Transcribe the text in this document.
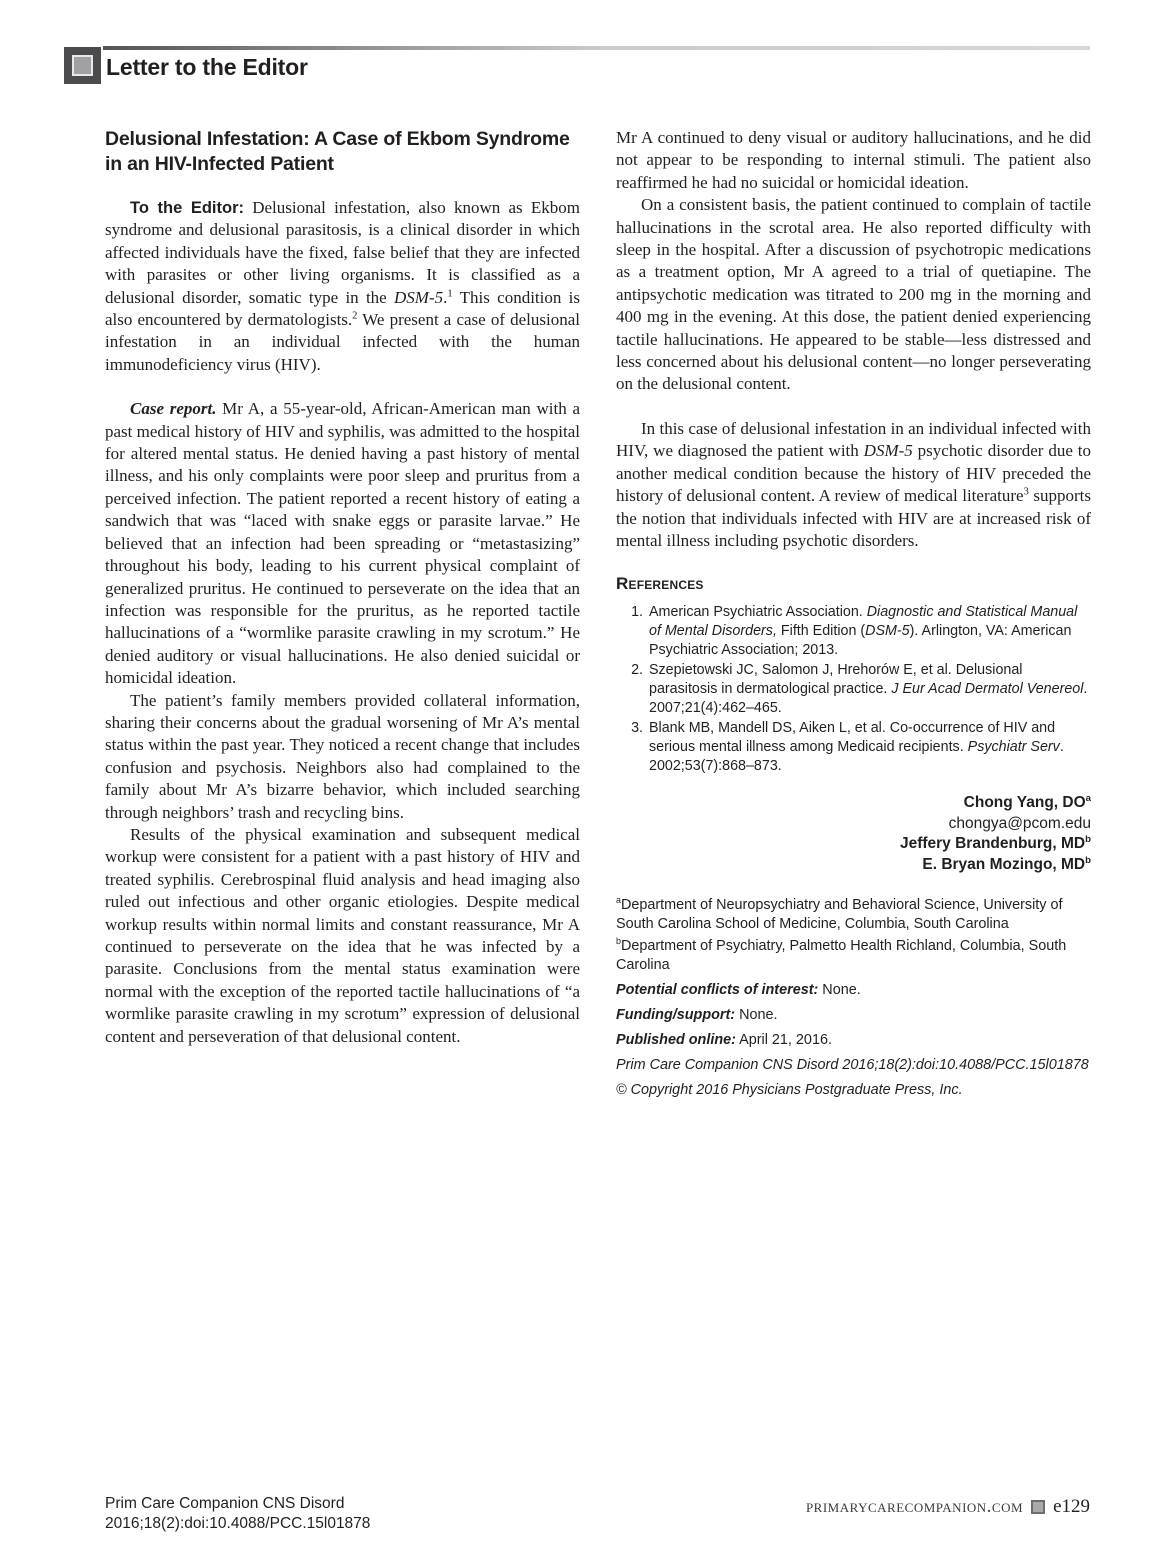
Letter to the Editor
Delusional Infestation: A Case of Ekbom Syndrome
in an HIV-Infected Patient

To the Editor: Delusional infestation, also known as Ekbom syndrome and delusional parasitosis, is a clinical disorder in which affected individuals have the fixed, false belief that they are infected with parasites or other living organisms. It is classified as a delusional disorder, somatic type in the DSM-5.$^1$ This condition is also encountered by dermatologists.$^2$ We present a case of delusional infestation in an individual infected with the human immunodeficiency virus (HIV).

Case report. Mr A, a 55-year-old, African-American man with a past medical history of HIV and syphilis, was admitted to the hospital for altered mental status. He denied having a past history of mental illness, and his only complaints were poor sleep and pruritus from a perceived infection. The patient reported a recent history of eating a sandwich that was “laced with snake eggs or parasite larvae.” He believed that an infection had been spreading or “metastasizing” throughout his body, leading to his current physical complaint of generalized pruritus. He continued to perseverate on the idea that an infection was responsible for the pruritus, as he reported tactile hallucinations of a “wormlike parasite crawling in my scrotum.” He denied auditory or visual hallucinations. He also denied suicidal or homicidal ideation.

The patient’s family members provided collateral information, sharing their concerns about the gradual worsening of Mr A’s mental status within the past year. They noticed a recent change that includes confusion and psychosis. Neighbors also had complained to the family about Mr A’s bizarre behavior, which included searching through neighbors’ trash and recycling bins.

Results of the physical examination and subsequent medical workup were consistent for a patient with a past history of HIV and treated syphilis. Cerebrospinal fluid analysis and head imaging also ruled out infectious and other organic etiologies. Despite medical workup results within normal limits and constant reassurance, Mr A continued to perseverate on the idea that he was infected by a parasite. Conclusions from the mental status examination were normal with the exception of the reported tactile hallucinations of “a wormlike parasite crawling in my scrotum” expression of delusional content and perseveration of that delusional content.

Mr A continued to deny visual or auditory hallucinations, and he did not appear to be responding to internal stimuli. The patient also reaffirmed he had no suicidal or homicidal ideation.

On a consistent basis, the patient continued to complain of tactile hallucinations in the scrotal area. He also reported difficulty with sleep in the hospital. After a discussion of psychotropic medications as a treatment option, Mr A agreed to a trial of quetiapine. The antipsychotic medication was titrated to 200 mg in the morning and 400 mg in the evening. At this dose, the patient denied experiencing tactile hallucinations. He appeared to be stable—less distressed and less concerned about his delusional content—no longer perseverating on the delusional content.

In this case of delusional infestation in an individual infected with HIV, we diagnosed the patient with DSM-5 psychotic disorder due to another medical condition because the history of HIV preceded the history of delusional content. A review of medical literature$^3$ supports the notion that individuals infected with HIV are at increased risk of mental illness including psychotic disorders.

References
1. American Psychiatric Association. Diagnostic and Statistical Manual of Mental Disorders, Fifth Edition (DSM-5). Arlington, VA: American Psychiatric Association; 2013.
2. Szepietowski JC, Salomon J, Hrehorów E, et al. Delusional parasitosis in dermatological practice. J Eur Acad Dermatol Venereol. 2007;21(4):462–465.
3. Blank MB, Mandell DS, Aiken L, et al. Co-occurrence of HIV and serious mental illness among Medicaid recipients. Psychiatr Serv. 2002;53(7):868–873.
Chong Yang, $DO^a$
chongya@pcom.edu
Jeffery Brandenburg, $MD^b$
E. Bryan Mozingo, $MD^b$
$^a$Department of Neuropsychiatry and Behavioral Science, University of South Carolina School of Medicine, Columbia, South Carolina
$^b$Department of Psychiatry, Palmetto Health Richland, Columbia, South Carolina
Potential conflicts of interest: None.
Funding/support: None.
Published online: April 21, 2016.
Prim Care Companion CNS Disord 2016;18(2):doi:10.4088/PCC.15l01878
© Copyright 2016 Physicians Postgraduate Press, Inc.
Prim Care Companion CNS Disord
2016;18(2):doi:10.4088/PCC.15l01878
primarycarecompanion.com e129
